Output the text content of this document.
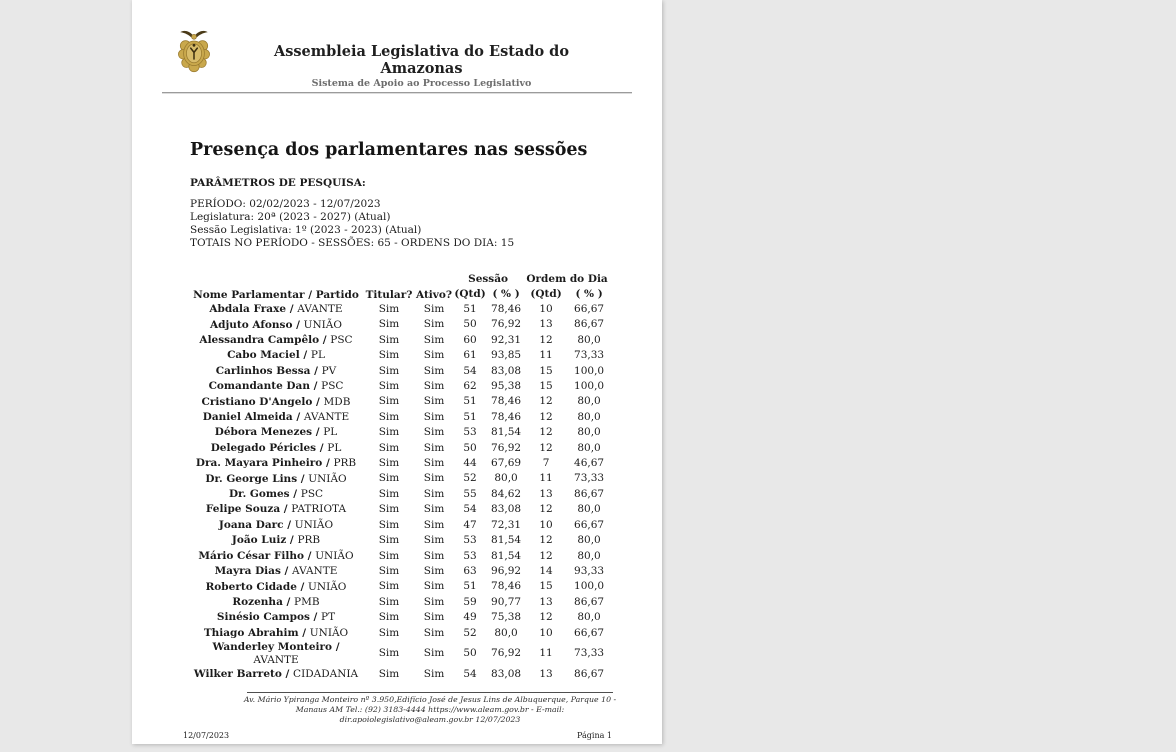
Assembleia Legislativa do Estado do
Amazonas
Sistema de Apoio ao Processo Legislativo
Presença dos parlamentares nas sessões
PARÂMETROS DE PESQUISA:
PERÍODO: 02/02/2023 - 12/07/2023
Legislatura: 20ª (2023 - 2027) (Atual)
Sessão Legislativa: 1º (2023 - 2023) (Atual)
TOTAIS NO PERÍODO - SESSÕES: 65 - ORDENS DO DIA: 15
Nome Parlamentar / Partido	Titular?	Ativo?	Sessão		Ordem do Dia	
			(Qtd)	( % )	(Qtd)	( % )
Abdala Fraxe / AVANTE	Sim	Sim	51	78,46	10	66,67
Adjuto Afonso / UNIÃO	Sim	Sim	50	76,92	13	86,67
Alessandra Campêlo / PSC	Sim	Sim	60	92,31	12	80,0
Cabo Maciel / PL	Sim	Sim	61	93,85	11	73,33
Carlinhos Bessa / PV	Sim	Sim	54	83,08	15	100,0
Comandante Dan / PSC	Sim	Sim	62	95,38	15	100,0
Cristiano D'Angelo / MDB	Sim	Sim	51	78,46	12	80,0
Daniel Almeida / AVANTE	Sim	Sim	51	78,46	12	80,0
Débora Menezes / PL	Sim	Sim	53	81,54	12	80,0
Delegado Péricles / PL	Sim	Sim	50	76,92	12	80,0
Dra. Mayara Pinheiro / PRB	Sim	Sim	44	67,69	7	46,67
Dr. George Lins / UNIÃO	Sim	Sim	52	80,0	11	73,33
Dr. Gomes / PSC	Sim	Sim	55	84,62	13	86,67
Felipe Souza / PATRIOTA	Sim	Sim	54	83,08	12	80,0
Joana Darc / UNIÃO	Sim	Sim	47	72,31	10	66,67
João Luiz / PRB	Sim	Sim	53	81,54	12	80,0
Mário César Filho / UNIÃO	Sim	Sim	53	81,54	12	80,0
Mayra Dias / AVANTE	Sim	Sim	63	96,92	14	93,33
Roberto Cidade / UNIÃO	Sim	Sim	51	78,46	15	100,0
Rozenha / PMB	Sim	Sim	59	90,77	13	86,67
Sinésio Campos / PT	Sim	Sim	49	75,38	12	80,0
Thiago Abrahim / UNIÃO	Sim	Sim	52	80,0	10	66,67
Wanderley Monteiro /
AVANTE	Sim	Sim	50	76,92	11	73,33
Wilker Barreto / CIDADANIA	Sim	Sim	54	83,08	13	86,67
Av. Mário Ypiranga Monteiro nº 3.950,Edifício José de Jesus Lins de Albuquerque, Parque 10 -
Manaus AM Tel.: (92) 3183-4444 https://www.aleam.gov.br - E-mail:
dir.apoiolegislativo@aleam.gov.br 12/07/2023
12/07/2023	Página 1
